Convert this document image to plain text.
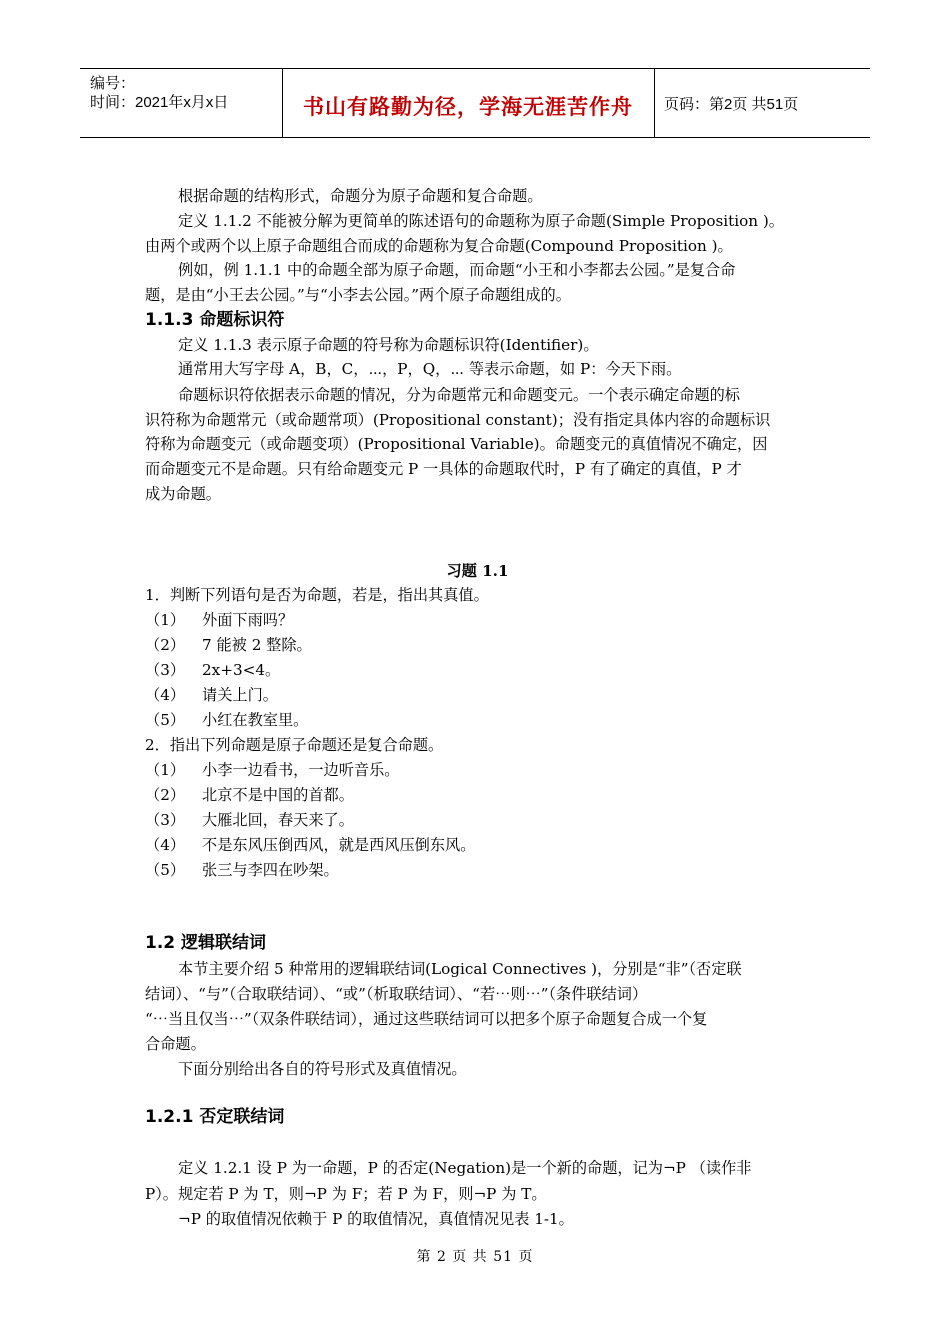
编号：
时间：2021年x月x日	书山有路勤为径，学海无涯苦作舟	页码：第2页 共51页
根据命题的结构形式，命题分为原子命题和复合命题。
定义 1.1.2 不能被分解为更简单的陈述语句的命题称为原子命题(Simple Proposition )。
由两个或两个以上原子命题组合而成的命题称为复合命题(Compound Proposition )。
例如，例 1.1.1 中的命题全部为原子命题，而命题“小王和小李都去公园。”是复合命
题，是由“小王去公园。”与“小李去公园。”两个原子命题组成的。
1.1.3 命题标识符
定义 1.1.3 表示原子命题的符号称为命题标识符(Identifier)。
通常用大写字母 A，B，C，⋯，P，Q，⋯ 等表示命题，如 P：今天下雨。
命题标识符依据表示命题的情况，分为命题常元和命题变元。一个表示确定命题的标
识符称为命题常元（或命题常项）(Propositional constant)；没有指定具体内容的命题标识
符称为命题变元（或命题变项）(Propositional Variable)。命题变元的真值情况不确定，因
而命题变元不是命题。只有给命题变元 P 一具体的命题取代时，P 有了确定的真值，P 才
成为命题。
习题 1.1
1．判断下列语句是否为命题，若是，指出其真值。
（1） 外面下雨吗？
（2） 7 能被 2 整除。
（3） 2x+3<4。
（4） 请关上门。
（5） 小红在教室里。
2．指出下列命题是原子命题还是复合命题。
（1） 小李一边看书，一边听音乐。
（2） 北京不是中国的首都。
（3） 大雁北回，春天来了。
（4） 不是东风压倒西风，就是西风压倒东风。
（5） 张三与李四在吵架。
1.2 逻辑联结词
本节主要介绍 5 种常用的逻辑联结词(Logical Connectives )，分别是“非”（否定联
结词）、“与”（合取联结词）、“或”（析取联结词）、“若⋯则⋯”（条件联结词）
“⋯当且仅当⋯”（双条件联结词），通过这些联结词可以把多个原子命题复合成一个复
合命题。
下面分别给出各自的符号形式及真值情况。
1.2.1 否定联结词
定义 1.2.1 设 P 为一命题，P 的否定(Negation)是一个新的命题，记为¬P （读作非
P）。规定若 P 为 T，则¬P 为 F；若 P 为 F，则¬P 为 T。
¬P 的取值情况依赖于 P 的取值情况，真值情况见表 1-1。
第 2 页 共 51 页
